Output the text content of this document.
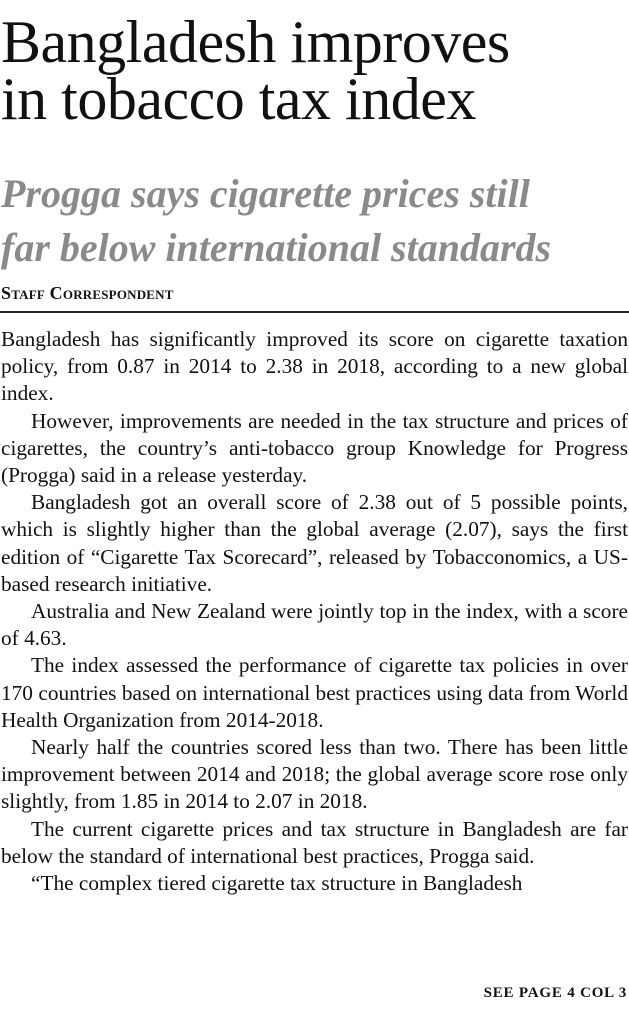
Bangladesh improves
in tobacco tax index
Progga says cigarette prices still
far below international standards
Staff Correspondent

Bangladesh has significantly improved its score on cigarette taxation policy, from 0.87 in 2014 to 2.38 in 2018, according to a new global index.

However, improvements are needed in the tax structure and prices of cigarettes, the country’s anti-tobacco group Knowledge for Progress (Progga) said in a release yesterday.

Bangladesh got an overall score of 2.38 out of 5 possible points, which is slightly higher than the global average (2.07), says the first edition of “Cigarette Tax Scorecard”, released by Tobacconomics, a US-based research initiative.

Australia and New Zealand were jointly top in the index, with a score of 4.63.

The index assessed the performance of cigarette tax policies in over 170 countries based on international best practices using data from World Health Organization from 2014-2018.

Nearly half the countries scored less than two. There has been little improvement between 2014 and 2018; the global average score rose only slightly, from 1.85 in 2014 to 2.07 in 2018.

The current cigarette prices and tax structure in Bangladesh are far below the standard of international best practices, Progga said.

“The complex tiered cigarette tax structure in Bangladesh

SEE PAGE 4 COL 3
